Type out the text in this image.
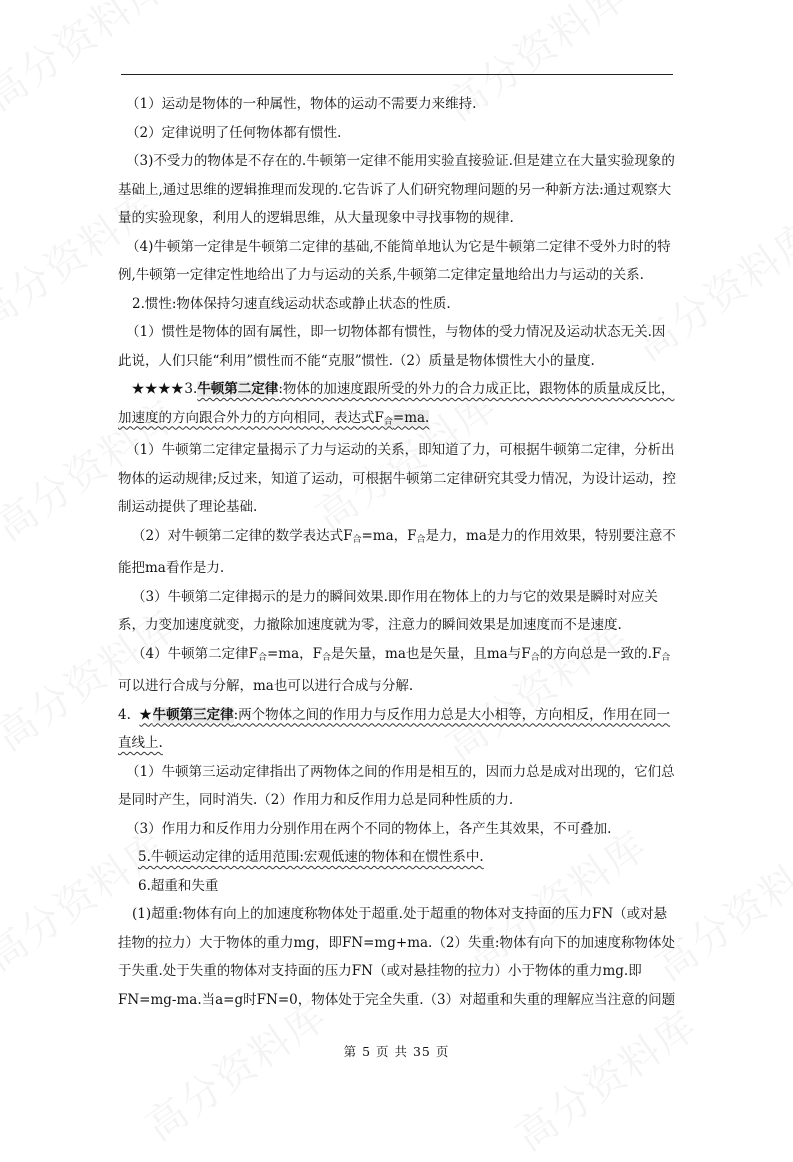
（1）运动是物体的一种属性，物体的运动不需要力来维持.

（2）定律说明了任何物体都有惯性.

（3)不受力的物体是不存在的.牛顿第一定律不能用实验直接验证.但是建立在大量实验现象的基础上,通过思维的逻辑推理而发现的.它告诉了人们研究物理问题的另一种新方法:通过观察大量的实验现象，利用人的逻辑思维，从大量现象中寻找事物的规律.

（4)牛顿第一定律是牛顿第二定律的基础,不能简单地认为它是牛顿第二定律不受外力时的特例,牛顿第一定律定性地给出了力与运动的关系,牛顿第二定律定量地给出力与运动的关系.

2.惯性:物体保持匀速直线运动状态或静止状态的性质.

（1）惯性是物体的固有属性，即一切物体都有惯性，与物体的受力情况及运动状态无关.因此说，人们只能“利用”惯性而不能“克服”惯性.（2）质量是物体惯性大小的量度.

★★★★3.牛顿第二定律:物体的加速度跟所受的外力的合力成正比，跟物体的质量成反比，加速度的方向跟合外力的方向相同，表达式$F_合=ma$.

（1）牛顿第二定律定量揭示了力与运动的关系，即知道了力，可根据牛顿第二定律，分析出物体的运动规律;反过来，知道了运动，可根据牛顿第二定律研究其受力情况，为设计运动，控制运动提供了理论基础.

（2）对牛顿第二定律的数学表达式$F_合=ma$，$F_合$是力，ma是力的作用效果，特别要注意不能把ma看作是力.

（3）牛顿第二定律揭示的是力的瞬间效果.即作用在物体上的力与它的效果是瞬时对应关系，力变加速度就变，力撤除加速度就为零，注意力的瞬间效果是加速度而不是速度.

（4）牛顿第二定律$F_合=ma$，$F_合$是矢量，ma也是矢量，且ma与$F_合$的方向总是一致的$.F_合$可以进行合成与分解，ma也可以进行合成与分解.

4. ★牛顿第三定律:两个物体之间的作用力与反作用力总是大小相等，方向相反，作用在同一直线上.

（1）牛顿第三运动定律指出了两物体之间的作用是相互的，因而力总是成对出现的，它们总是同时产生，同时消失.（2）作用力和反作用力总是同种性质的力.

（3）作用力和反作用力分别作用在两个不同的物体上，各产生其效果，不可叠加.

5.牛顿运动定律的适用范围:宏观低速的物体和在惯性系中.

6.超重和失重

(1)超重:物体有向上的加速度称物体处于超重.处于超重的物体对支持面的压力FN（或对悬挂物的拉力）大于物体的重力mg，即FN=mg+ma.（2）失重:物体有向下的加速度称物体处于失重.处于失重的物体对支持面的压力FN（或对悬挂物的拉力）小于物体的重力mg.即FN=mg-ma.当a=g时FN=0，物体处于完全失重.（3）对超重和失重的理解应当注意的问题

第 5 页 共 35 页
